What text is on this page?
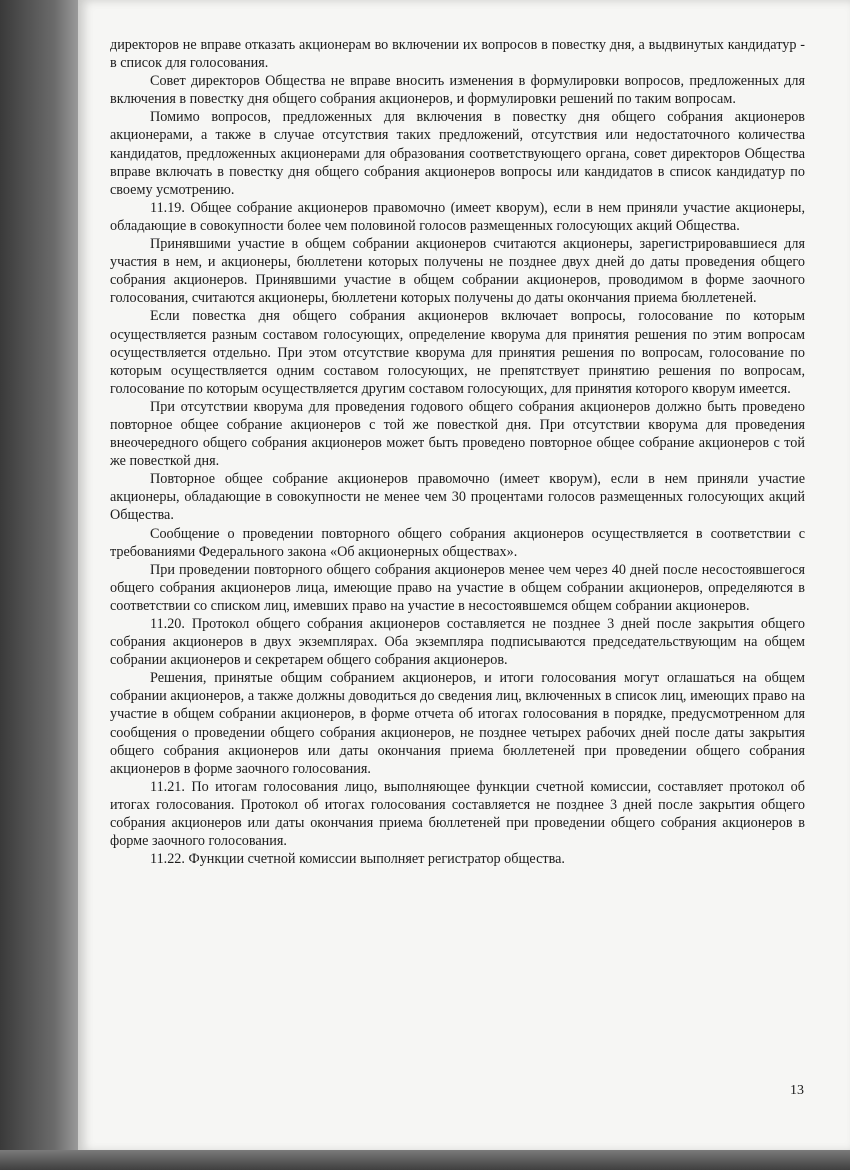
директоров не вправе отказать акционерам во включении их вопросов в повестку дня, а выдвинутых кандидатур - в список для голосования.

Совет директоров Общества не вправе вносить изменения в формулировки вопросов, предложенных для включения в повестку дня общего собрания акционеров, и формулировки решений по таким вопросам.

Помимо вопросов, предложенных для включения в повестку дня общего собрания акционеров акционерами, а также в случае отсутствия таких предложений, отсутствия или недостаточного количества кандидатов, предложенных акционерами для образования соответствующего органа, совет директоров Общества вправе включать в повестку дня общего собрания акционеров вопросы или кандидатов в список кандидатур по своему усмотрению.

11.19. Общее собрание акционеров правомочно (имеет кворум), если в нем приняли участие акционеры, обладающие в совокупности более чем половиной голосов размещенных голосующих акций Общества.

Принявшими участие в общем собрании акционеров считаются акционеры, зарегистрировавшиеся для участия в нем, и акционеры, бюллетени которых получены не позднее двух дней до даты проведения общего собрания акционеров. Принявшими участие в общем собрании акционеров, проводимом в форме заочного голосования, считаются акционеры, бюллетени которых получены до даты окончания приема бюллетеней.

Если повестка дня общего собрания акционеров включает вопросы, голосование по которым осуществляется разным составом голосующих, определение кворума для принятия решения по этим вопросам осуществляется отдельно. При этом отсутствие кворума для принятия решения по вопросам, голосование по которым осуществляется одним составом голосующих, не препятствует принятию решения по вопросам, голосование по которым осуществляется другим составом голосующих, для принятия которого кворум имеется.

При отсутствии кворума для проведения годового общего собрания акционеров должно быть проведено повторное общее собрание акционеров с той же повесткой дня. При отсутствии кворума для проведения внеочередного общего собрания акционеров может быть проведено повторное общее собрание акционеров с той же повесткой дня.

Повторное общее собрание акционеров правомочно (имеет кворум), если в нем приняли участие акционеры, обладающие в совокупности не менее чем 30 процентами голосов размещенных голосующих акций Общества.

Сообщение о проведении повторного общего собрания акционеров осуществляется в соответствии с требованиями Федерального закона «Об акционерных обществах».

При проведении повторного общего собрания акционеров менее чем через 40 дней после несостоявшегося общего собрания акционеров лица, имеющие право на участие в общем собрании акционеров, определяются в соответствии со списком лиц, имевших право на участие в несостоявшемся общем собрании акционеров.

11.20. Протокол общего собрания акционеров составляется не позднее 3 дней после закрытия общего собрания акционеров в двух экземплярах. Оба экземпляра подписываются председательствующим на общем собрании акционеров и секретарем общего собрания акционеров.

Решения, принятые общим собранием акционеров, и итоги голосования могут оглашаться на общем собрании акционеров, а также должны доводиться до сведения лиц, включенных в список лиц, имеющих право на участие в общем собрании акционеров, в форме отчета об итогах голосования в порядке, предусмотренном для сообщения о проведении общего собрания акционеров, не позднее четырех рабочих дней после даты закрытия общего собрания акционеров или даты окончания приема бюллетеней при проведении общего собрания акционеров в форме заочного голосования.

11.21. По итогам голосования лицо, выполняющее функции счетной комиссии, составляет протокол об итогах голосования. Протокол об итогах голосования составляется не позднее 3 дней после закрытия общего собрания акционеров или даты окончания приема бюллетеней при проведении общего собрания акционеров в форме заочного голосования.

11.22. Функции счетной комиссии выполняет регистратор общества.

13
